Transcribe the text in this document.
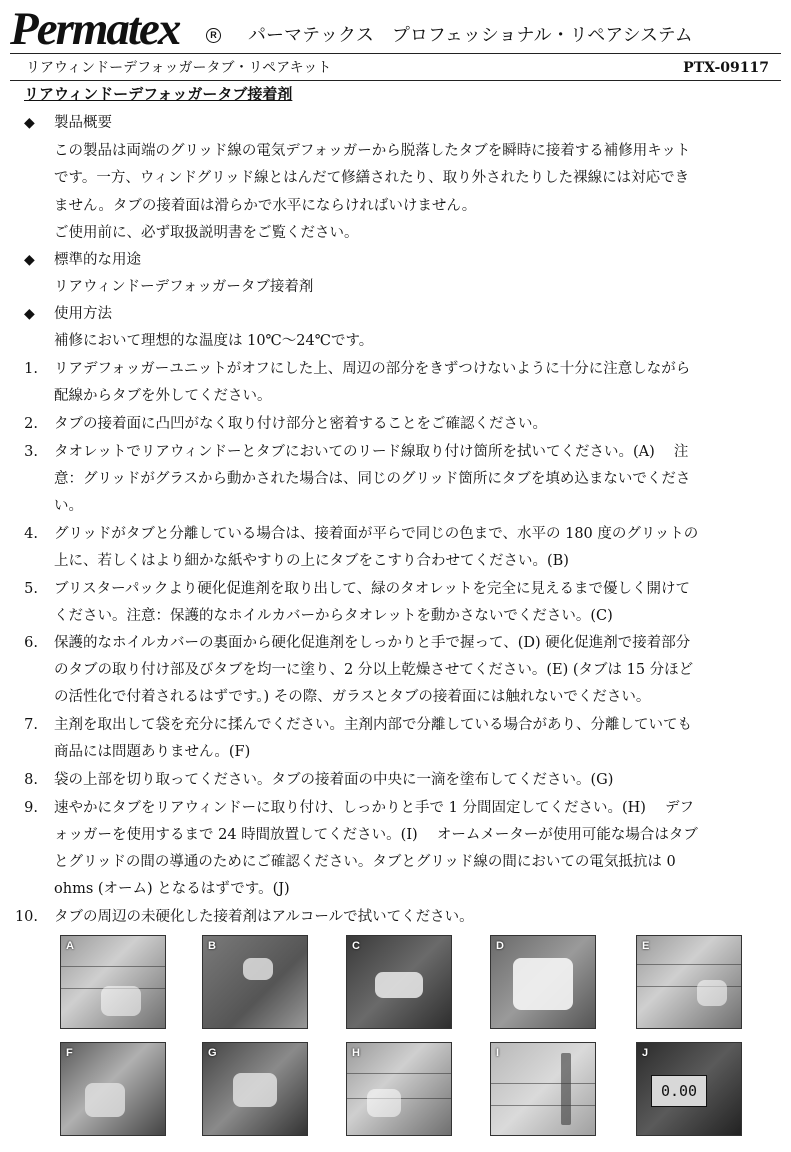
Permatex	R パーマテックス　プロフェッショナル・リペアシステム
リアウィンドーデフォッガータブ・リペアキット	PTX-09117
リアウィンドーデフォッガータブ接着剤
◆ 製品概要
この製品は両端のグリッド線の電気デフォッガーから脱落したタブを瞬時に接着する補修用キット
です。一方、ウィンドグリッド線とはんだて修繕されたり、取り外されたりした裸線には対応でき
ません。タブの接着面は滑らかで水平にならければいけません。
ご使用前に、必ず取扱説明書をご覧ください。
◆ 標準的な用途
リアウィンドーデフォッガータブ接着剤
◆ 使用方法
補修において理想的な温度は 10℃～24℃です。
1. リアデフォッガーユニットがオフにした上、周辺の部分をきずつけないように十分に注意しながら
配線からタブを外してください。
2. タブの接着面に凸凹がなく取り付け部分と密着することをご確認ください。
3. タオレットでリアウィンドーとタブにおいてのリード線取り付け箇所を拭いてください。(A)　 注
意：グリッドがグラスから動かされた場合は、同じのグリッド箇所にタブを填め込まないでくださ
い。
4. グリッドがタブと分離している場合は、接着面が平らで同じの色まで、水平の 180 度のグリットの
上に、若しくはより細かな紙やすりの上にタブをこすり合わせてください。(B)
5. ブリスターパックより硬化促進剤を取り出して、緑のタオレットを完全に見えるまで優しく開けて
ください。注意：保護的なホイルカバーからタオレットを動かさないでください。(C)
6. 保護的なホイルカバーの裏面から硬化促進剤をしっかりと手で握って、(D) 硬化促進剤で接着部分
のタブの取り付け部及びタブを均一に塗り、2 分以上乾燥させてください。(E) (タブは 15 分ほど
の活性化で付着されるはずです。) その際、ガラスとタブの接着面には触れないでください。
7. 主剤を取出して袋を充分に揉んでください。主剤内部で分離している場合があり、分離していても
商品には問題ありません。(F)
8. 袋の上部を切り取ってください。タブの接着面の中央に一滴を塗布してください。(G)
9. 速やかにタブをリアウィンドーに取り付け、しっかりと手で 1 分間固定してください。(H)　 デフ
ォッガーを使用するまで 24 時間放置してください。(I)　 オームメーターが使用可能な場合はタブ
とグリッドの間の導通のためにご確認ください。タブとグリッド線の間においての電気抵抗は 0
ohms (オーム) となるはずです。(J)
10. タブの周辺の未硬化した接着剤はアルコールで拭いてください。
A	B	C	D	E
F	G	H	I
0.00
J
